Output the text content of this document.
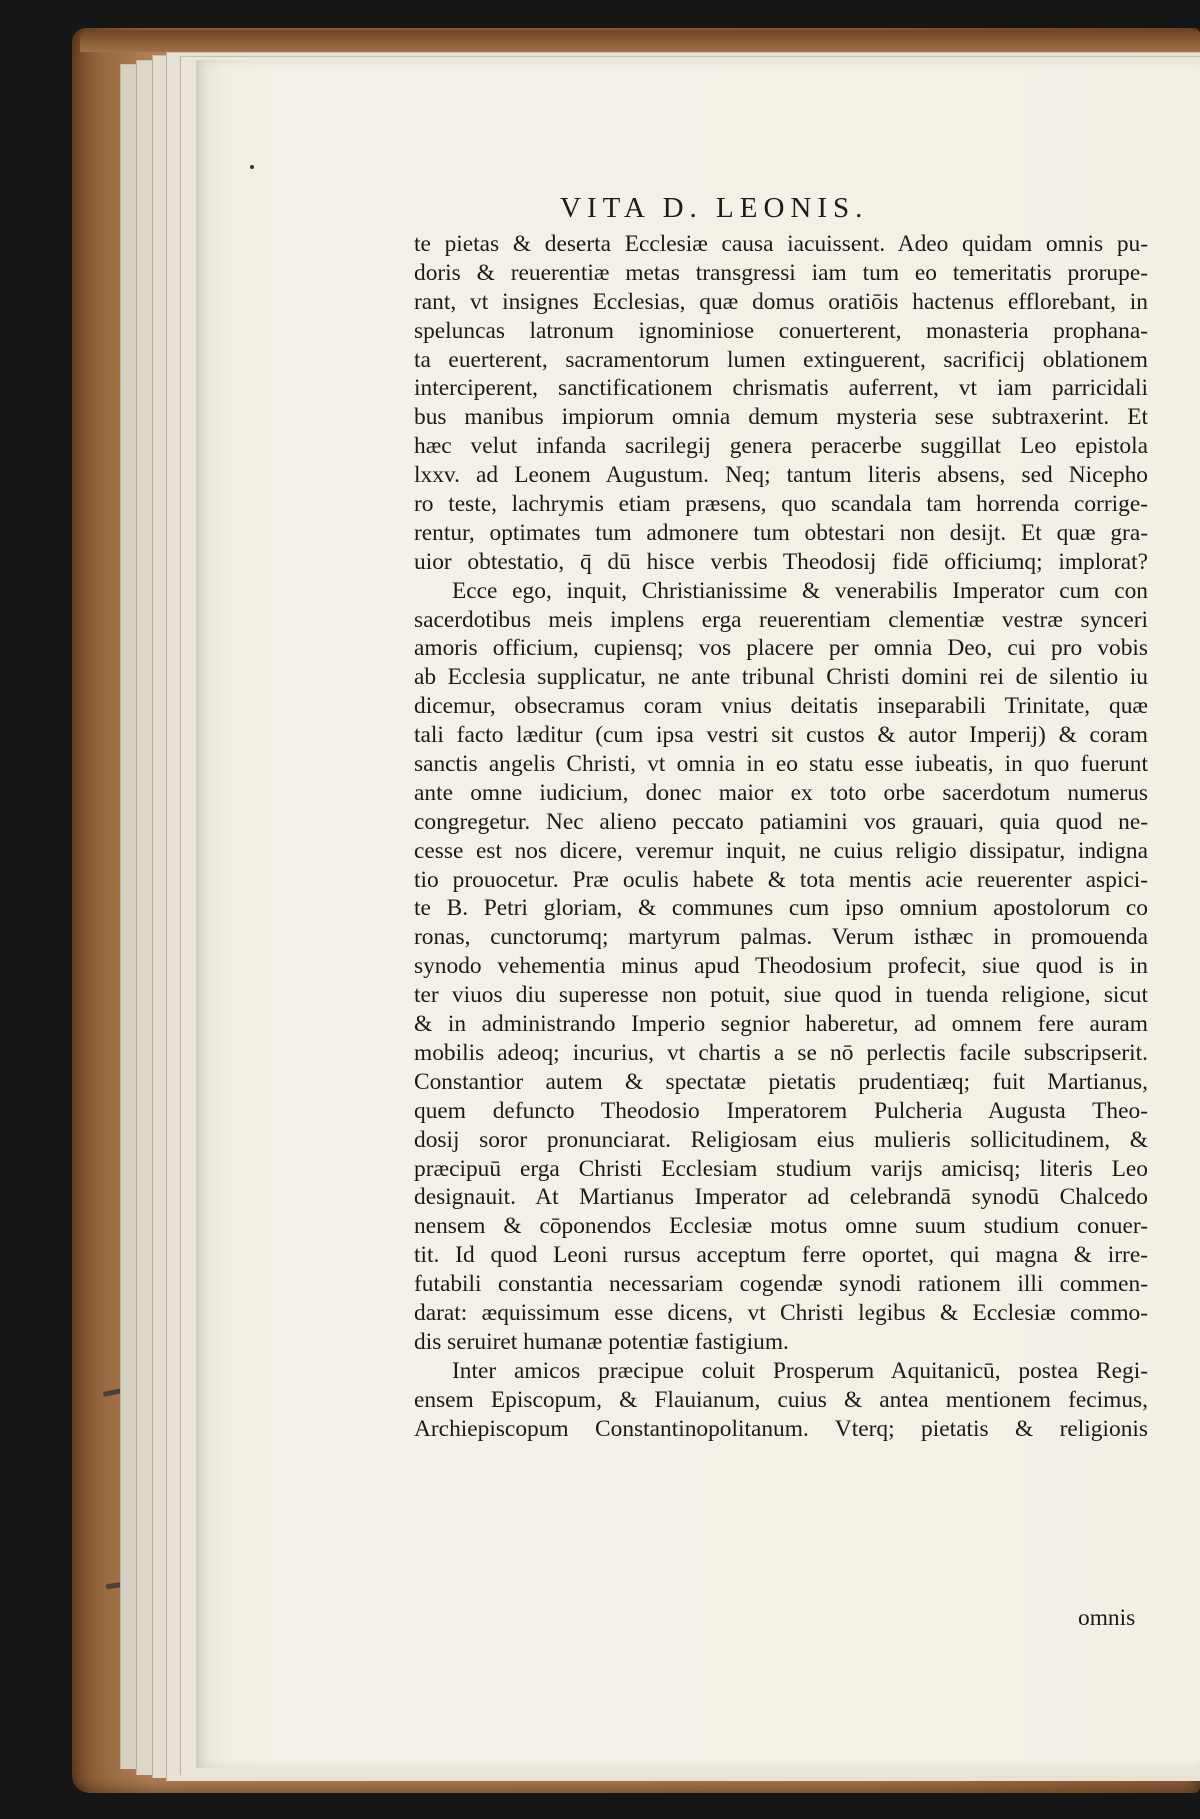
VITA D. LEONIS.
te pietas & deserta Ecclesiæ causa iacuissent. Adeo quidam omnis pu-
doris & reuerentiæ metas transgressi iam tum eo temeritatis prorupe-
rant, vt insignes Ecclesias, quæ domus oratiōis hactenus efflorebant, in
speluncas latronum ignominiose conuerterent, monasteria prophana-
ta euerterent, sacramentorum lumen extinguerent, sacrificij oblationem
interciperent, sanctificationem chrismatis auferrent, vt iam parricidali
bus manibus impiorum omnia demum mysteria sese subtraxerint. Et
hæc velut infanda sacrilegij genera peracerbe suggillat Leo epistola
lxxv. ad Leonem Augustum. Neq; tantum literis absens, sed Nicepho
ro teste, lachrymis etiam præsens, quo scandala tam horrenda corrige-
rentur, optimates tum admonere tum obtestari non desijt. Et quæ gra-
uior obtestatio, q̄ dū hisce verbis Theodosij fidē officiumq; implorat?
Ecce ego, inquit, Christianissime & venerabilis Imperator cum con
sacerdotibus meis implens erga reuerentiam clementiæ vestræ synceri
amoris officium, cupiensq; vos placere per omnia Deo, cui pro vobis
ab Ecclesia supplicatur, ne ante tribunal Christi domini rei de silentio iu
dicemur, obsecramus coram vnius deitatis inseparabili Trinitate, quæ
tali facto læditur (cum ipsa vestri sit custos & autor Imperij) & coram
sanctis angelis Christi, vt omnia in eo statu esse iubeatis, in quo fuerunt
ante omne iudicium, donec maior ex toto orbe sacerdotum numerus
congregetur. Nec alieno peccato patiamini vos grauari, quia quod ne-
cesse est nos dicere, veremur inquit, ne cuius religio dissipatur, indigna
tio prouocetur. Præ oculis habete & tota mentis acie reuerenter aspici-
te B. Petri gloriam, & communes cum ipso omnium apostolorum co
ronas, cunctorumq; martyrum palmas. Verum isthæc in promouenda
synodo vehementia minus apud Theodosium profecit, siue quod is in
ter viuos diu superesse non potuit, siue quod in tuenda religione, sicut
& in administrando Imperio segnior haberetur, ad omnem fere auram
mobilis adeoq; incurius, vt chartis a se nō perlectis facile subscripserit.
Constantior autem & spectatæ pietatis prudentiæq; fuit Martianus,
quem defuncto Theodosio Imperatorem Pulcheria Augusta Theo-
dosij soror pronunciarat. Religiosam eius mulieris sollicitudinem, &
præcipuū erga Christi Ecclesiam studium varijs amicisq; literis Leo
designauit. At Martianus Imperator ad celebrandā synodū Chalcedo
nensem & cōponendos Ecclesiæ motus omne suum studium conuer-
tit. Id quod Leoni rursus acceptum ferre oportet, qui magna & irre-
futabili constantia necessariam cogendæ synodi rationem illi commen-
darat: æquissimum esse dicens, vt Christi legibus & Ecclesiæ commo-
dis seruiret humanæ potentiæ fastigium.
Inter amicos præcipue coluit Prosperum Aquitanicū, postea Regi-
ensem Episcopum, & Flauianum, cuius & antea mentionem fecimus,
Archiepiscopum Constantinopolitanum. Vterq; pietatis & religionis
omnis
